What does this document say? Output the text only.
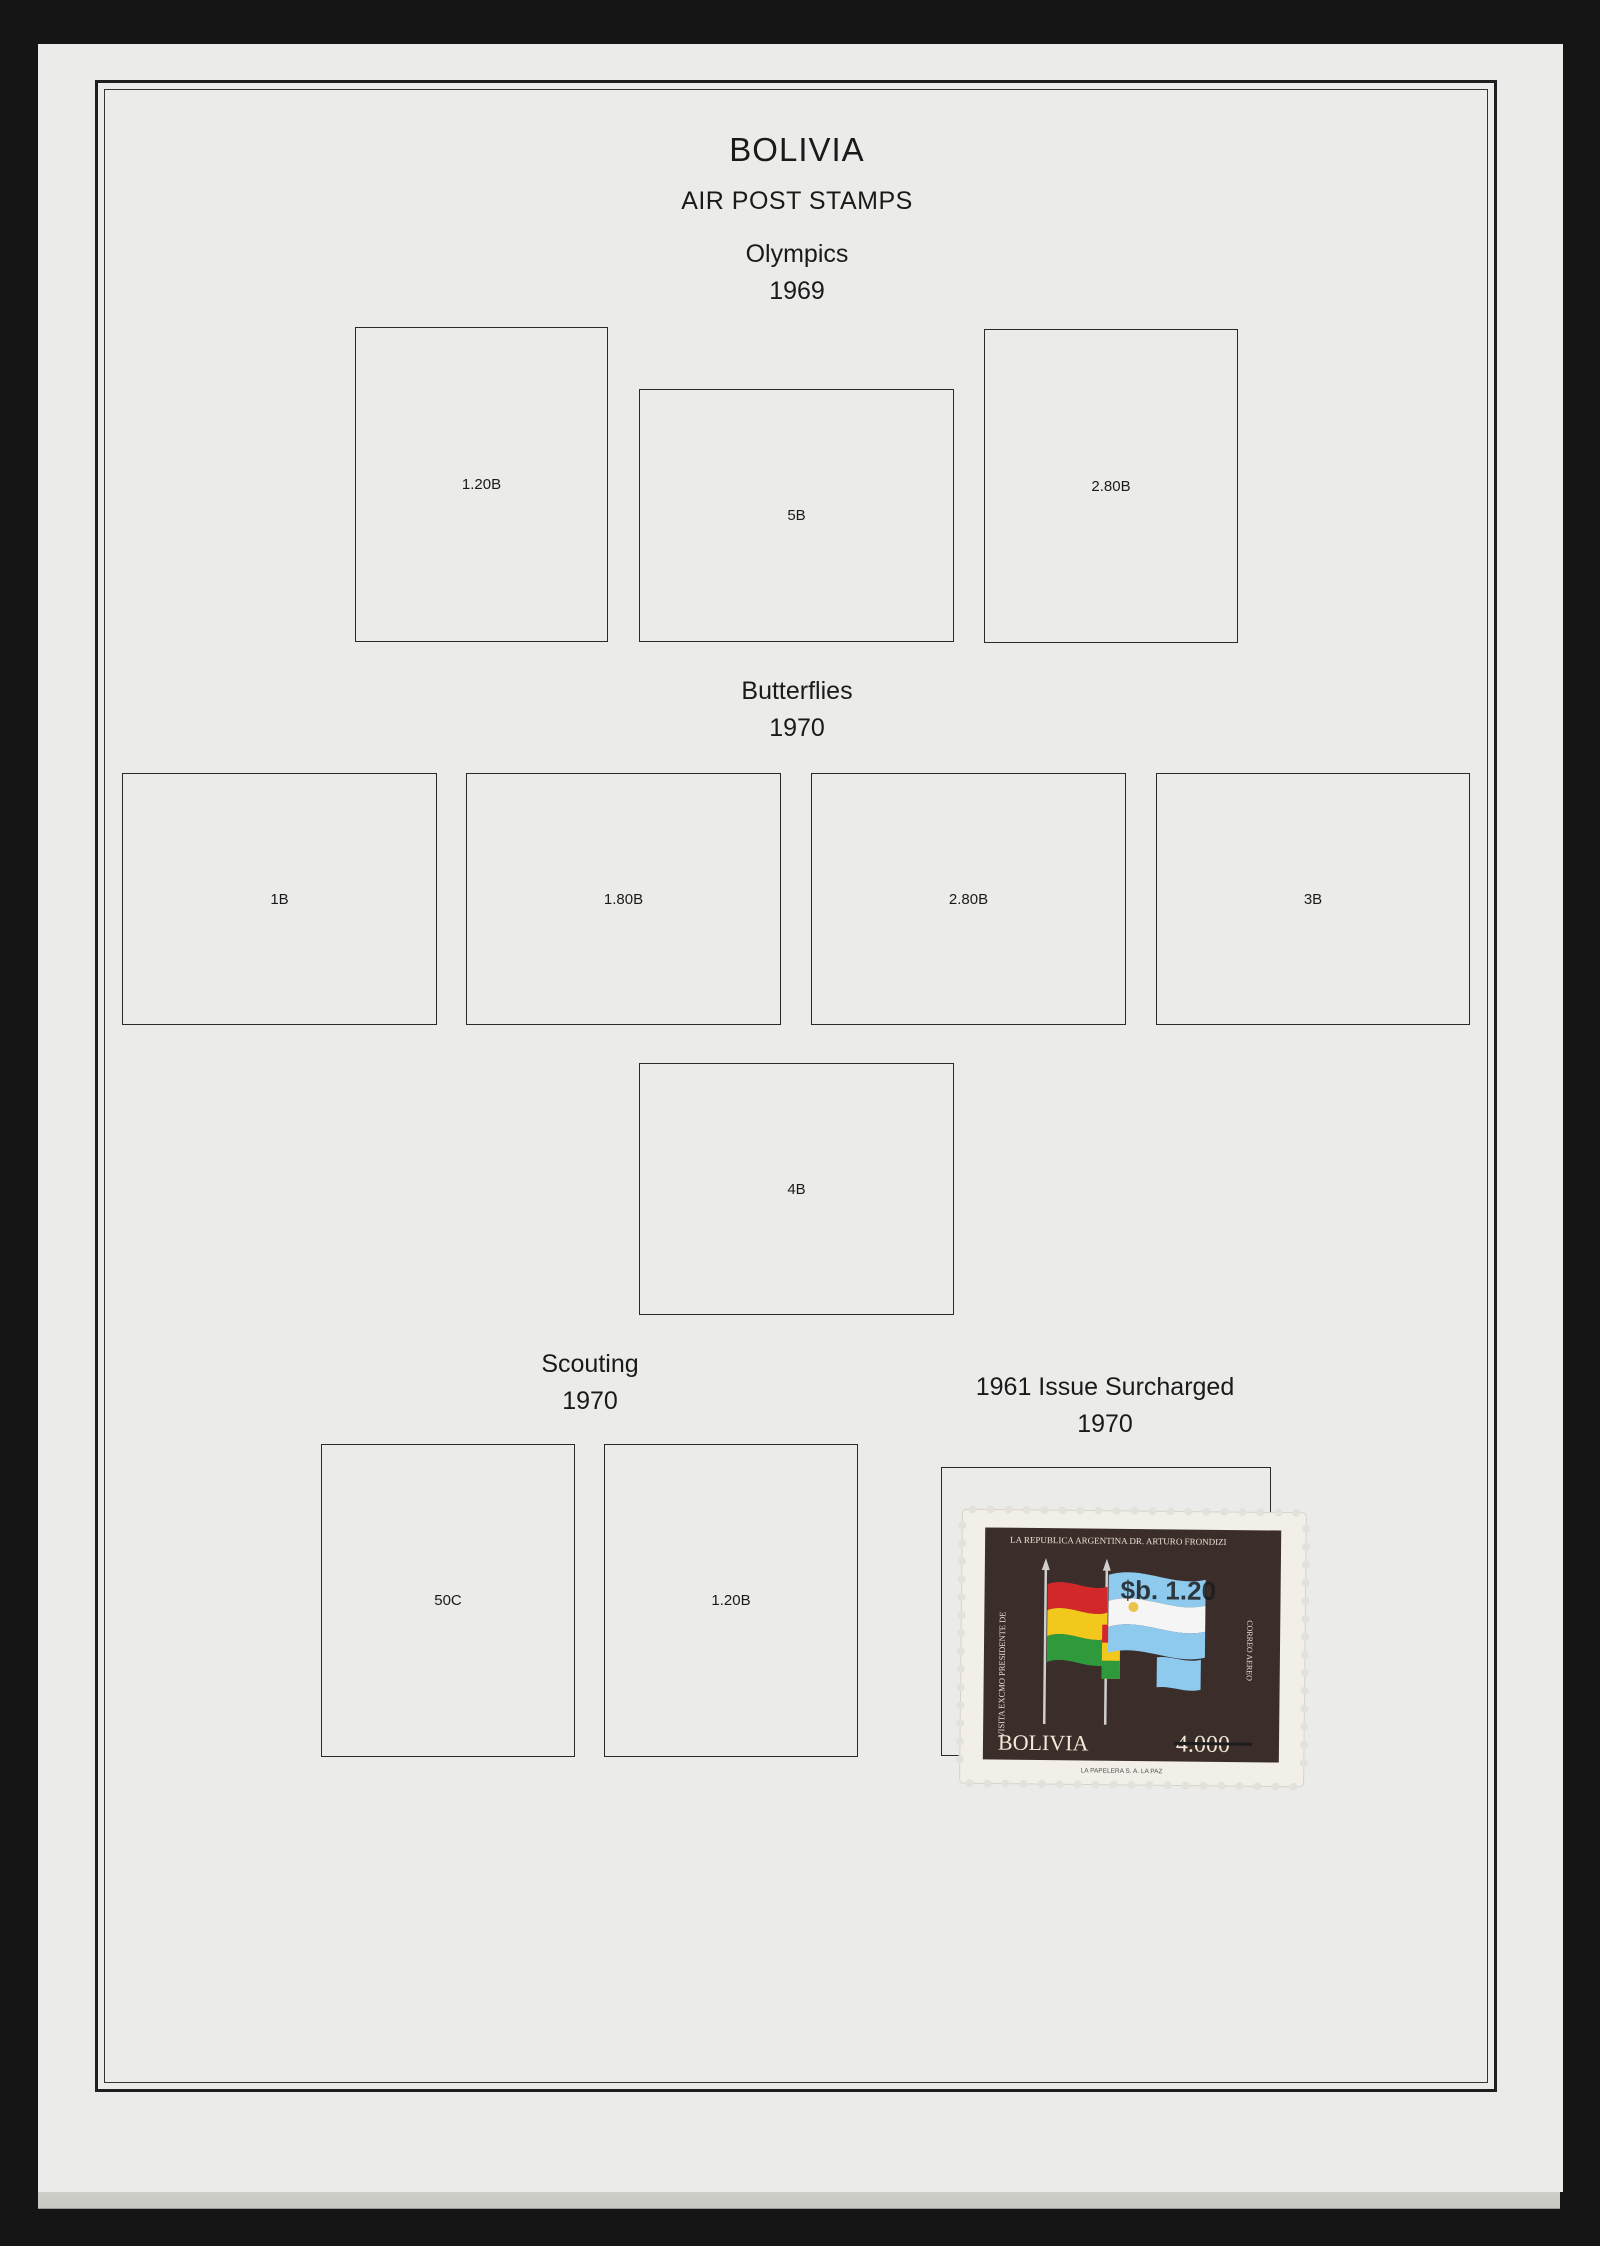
BOLIVIA
AIR POST STAMPS
Olympics
1969
1.20B
5B
2.80B
Butterflies
1970
1B	1.80B	2.80B	3B
4B
Scouting
1970
50C	1.20B
1961 Issue Surcharged
1970
LA REPUBLICA ARGENTINA DR. ARTURO FRONDIZI
VISITA EXCMO PRESIDENTE DE	CORREO AEREO
$b. 1.20
BOLIVIA	4.000
LA PAPELERA S. A. LA PAZ
